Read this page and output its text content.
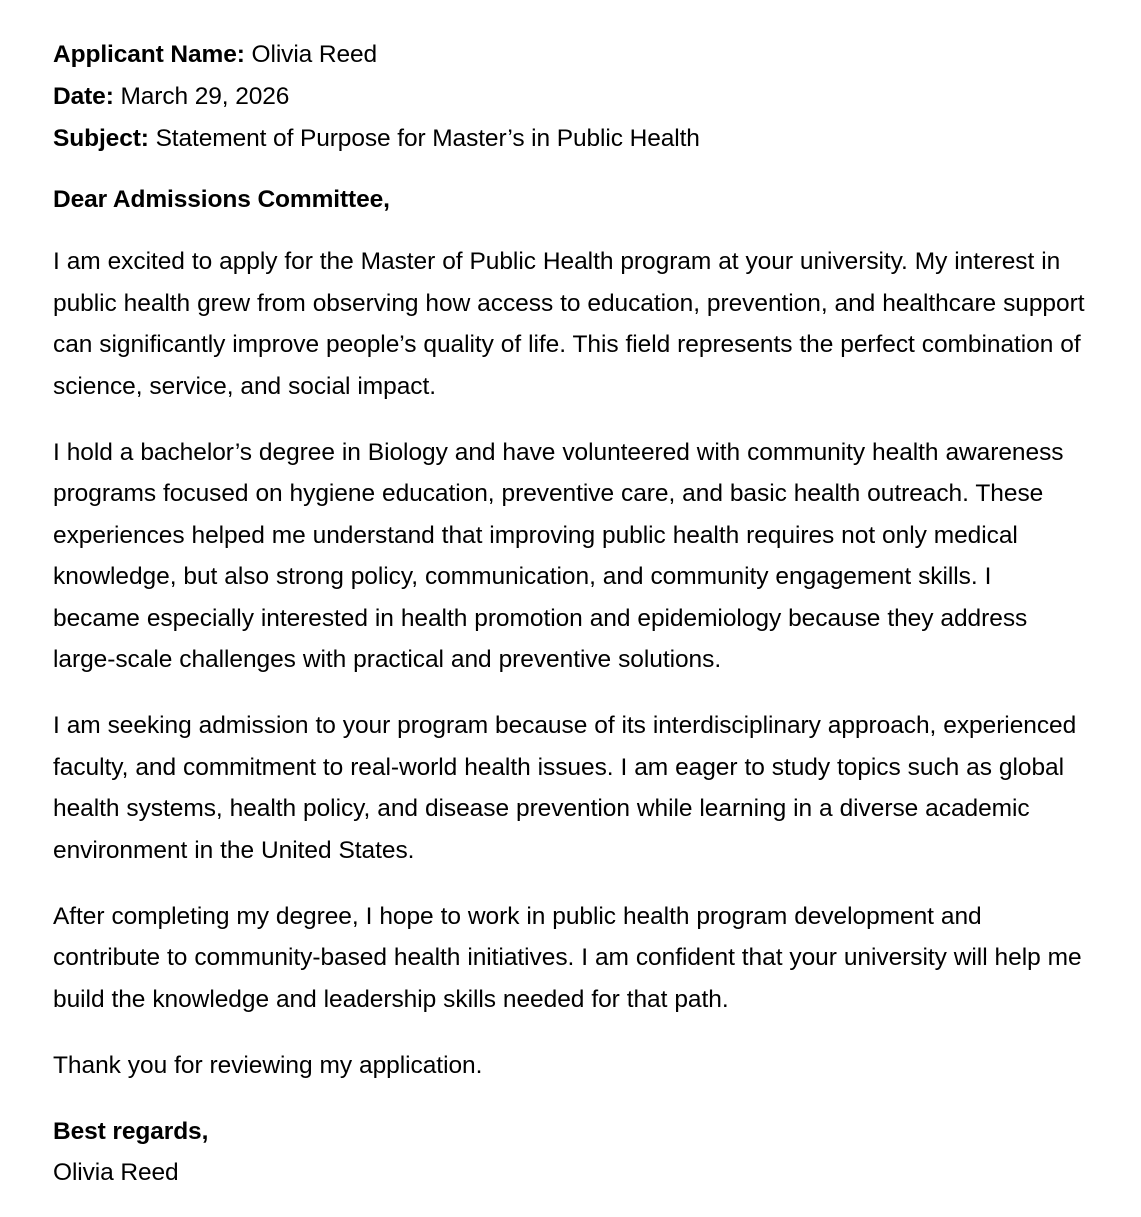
Applicant Name: Olivia Reed
Date: March 29, 2026
Subject: Statement of Purpose for Master’s in Public Health
Dear Admissions Committee,

I am excited to apply for the Master of Public Health program at your university. My interest in public health grew from observing how access to education, prevention, and healthcare support can significantly improve people’s quality of life. This field represents the perfect combination of science, service, and social impact.

I hold a bachelor’s degree in Biology and have volunteered with community health awareness programs focused on hygiene education, preventive care, and basic health outreach. These experiences helped me understand that improving public health requires not only medical knowledge, but also strong policy, communication, and community engagement skills. I became especially interested in health promotion and epidemiology because they address large-scale challenges with practical and preventive solutions.

I am seeking admission to your program because of its interdisciplinary approach, experienced faculty, and commitment to real-world health issues. I am eager to study topics such as global health systems, health policy, and disease prevention while learning in a diverse academic environment in the United States.

After completing my degree, I hope to work in public health program development and contribute to community-based health initiatives. I am confident that your university will help me build the knowledge and leadership skills needed for that path.

Thank you for reviewing my application.

Best regards,
Olivia Reed
